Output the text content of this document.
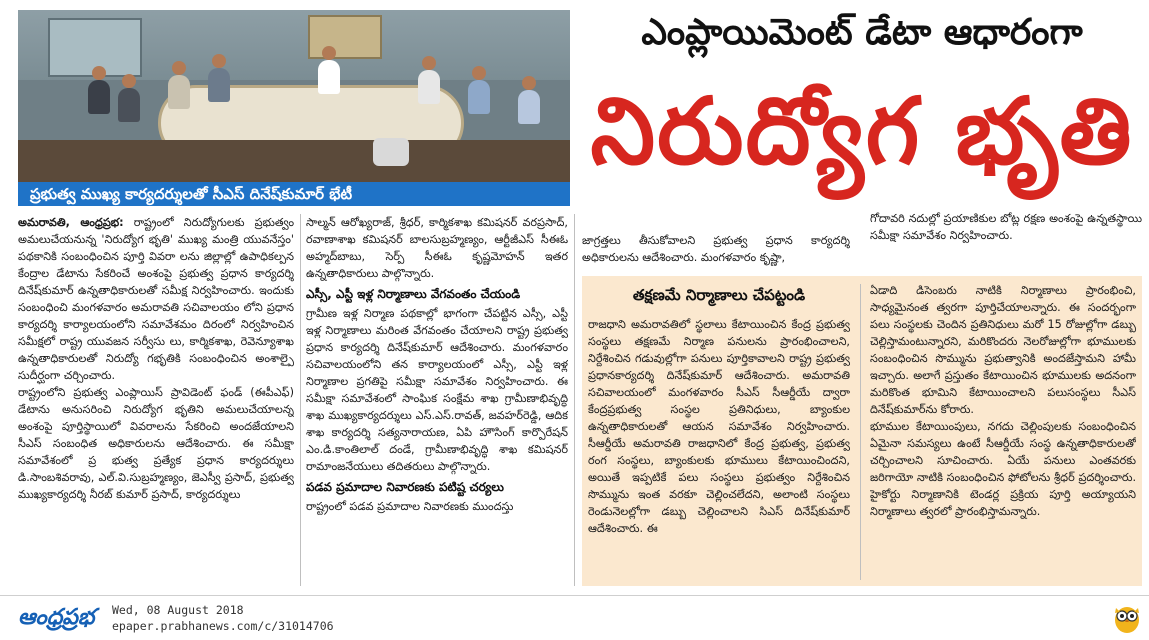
ప్రభుత్వ ముఖ్య కార్యదర్శులతో సీఎస్ దినేష్‌కుమార్ భేటీ
ఎంప్లాయిమెంట్ డేటా ఆధారంగా
నిరుద్యోగ భృతి

అమరావతి, ఆంధ్రప్రభ: రాష్ట్రంలో నిరుద్యోగులకు ప్రభుత్వం అమలుచేయనున్న 'నిరుద్యోగ భృతి' ముఖ్య మంత్రి యువనేస్తం' పథకానికి సంబంధించిన పూర్తి వివరా లను జిల్లాల్లో ఉపాధికల్పన కేంద్రాల డేటాను సేకరించే అంశంపై ప్రభుత్వ ప్రధాన కార్యదర్శి దినేష్‌కుమార్ ఉన్నతాధికారులతో సమీక్ష నిర్వహించారు. ఇందుకు సంబంధించి మంగళవారం అమరావతి సచివాలయం లోని ప్రధాన కార్యదర్శి కార్యాలయంలోని సమావేశమం దిరంలో నిర్వహించిన సమీక్షలో రాష్ట్ర యువజన సర్వీసు లు, కార్మికశాఖ, రెవెన్యూశాఖ ఉన్నతాధికారులతో నిరుద్యో గభృతికి సంబంధించిన అంశాల్పై సుదీర్ఘంగా చర్చించారు.

రాష్ట్రంలోని ప్రభుత్వ ఎంప్లాయిస్ ప్రావిడెంట్ ఫండ్ (ఈపీఎఫ్) డేటాను అనుసరించి నిరుద్యోగ భృతిని అమలుచేయాలన్న అంశంపై పూర్తిస్థాయిలో వివరాలను సేకరించి అందజేయాలని సీఎస్ సంబంధిత అధికారులను ఆదేశించారు. ఈ సమీక్షా సమావేశంలో ప్ర భుత్వ ప్రత్యేక ప్రధాన కార్యదర్శులు డి.సాంబశివరావు, ఎల్.వి.సుబ్రహ్మణ్యం, జెఎస్వీ ప్రసాద్, ప్రభుత్వ ముఖ్యకార్యదర్శి నీరబ్ కుమార్ ప్రసాద్, కార్యదర్శులు

సాల్మన్ ఆరోఖ్యరాజ్, శ్రీధర్, కార్మికశాఖ కమిషనర్ వరప్రసాద్, రవాణాశాఖ కమిషనర్ బాలసుబ్రహ్మణ్యం, ఆర్టీజీఎస్ సీఈఓ అహ్మద్‌బాబు, సెర్ప్ సీఈఓ కృష్ణమోహన్ ఇతర ఉన్నతాధికారులు పాల్గొన్నారు.

ఎస్సీ, ఎస్టీ ఇళ్ల నిర్మాణాలు వేగవంతం చేయండి

గ్రామీణ ఇళ్ల నిర్మాణ పథకాల్లో భాగంగా చేపట్టిన ఎస్సీ, ఎస్టీ ఇళ్ల నిర్మాణాలు మరింత వేగవంతం చేయాలని రాష్ట్ర ప్రభుత్వ ప్రధాన కార్యదర్శి దినేష్‌కుమార్ ఆదేశించారు. మంగళవారం సచివాలయంలోని తన కార్యాలయంలో ఎస్సీ, ఎస్టీ ఇళ్ల నిర్మాణాల ప్రగతిపై సమీక్షా సమావేశం నిర్వహించారు. ఈ సమీక్షా సమావేశంలో సాంఘిక సంక్షేమ శాఖ గ్రామీణాభివృద్ధి శాఖ ముఖ్యకార్యదర్శులు ఎస్.ఎస్.రావత్, జవహర్‌రెడ్డి, ఆదిక శాఖ కార్యదర్శి సత్యనారాయణ, ఏపి హౌసింగ్ కార్పొరేషన్ ఎం.డి.కాంతిలాల్ దండే, గ్రామీణాభివృద్ధి శాఖ కమిషనర్ రామాంజనేయులు తదితరులు పాల్గొన్నారు.

పడవ ప్రమాదాల నివారణకు పటిష్ట చర్యలు

రాష్ట్రంలో పడవ ప్రమాదాల నివారణకు ముందస్తు

జాగ్రత్తలు తీసుకోవాలని ప్రభుత్వ ప్రధాన కార్యదర్శి అధికారులను ఆదేశించారు. మంగళవారం కృష్ణా,

తక్షణమే నిర్మాణాలు చేపట్టండి

రాజధాని అమరావతిలో స్థలాలు కేటాయించిన కేంద్ర ప్రభుత్వ సంస్థలు తక్షణమే నిర్మాణ పనులను ప్రారంభించాలని, నిర్దేశించిన గడువుల్లోగా పనులు పూర్తికావాలని రాష్ట్ర ప్రభుత్వ ప్రధానకార్యదర్శి దినేష్‌కుమార్ ఆదేశించారు. అమరావతి సచివాలయంలో మంగళవారం సీఎస్ సీఆర్డీయే ద్వారా కేంద్రప్రభుత్వ సంస్థల ప్రతినిధులు, బ్యాంకుల ఉన్నతాధికారులతో ఆయన సమావేశం నిర్వహించారు. సీఆర్డీయే అమరావతి రాజధానిలో కేంద్ర ప్రభుత్వ, ప్రభుత్వ రంగ సంస్థలు, బ్యాంకులకు భూములు కేటాయించిందని, అయితే ఇప్పటికే పలు సంస్థలు ప్రభుత్వం నిర్దేశించిన సొమ్మును ఇంత వరకూ చెల్లించలేదని, అలాంటి సంస్థలు రెండునెలల్లోగా డబ్బు చెల్లించాలని సిఎస్ దినేష్‌కుమార్ ఆదేశించారు. ఈ

గోదావరి నదుల్లో ప్రయాణికుల బోట్ల రక్షణ అంశంపై ఉన్నతస్థాయి సమీక్షా సమావేశం నిర్వహించారు.

ఏడాది డిసెంబరు నాటికి నిర్మాణాలు ప్రారంభించి, సాధ్యమైనంత త్వరగా పూర్తిచేయాలన్నారు. ఈ సందర్భంగా పలు సంస్థలకు చెందిన ప్రతినిధులు మరో 15 రోజుల్లోగా డబ్బు చెల్లిస్తామంటున్నారని, మరికొందరు నెలరోజుల్లోగా భూములకు సంబంధించిన సొమ్మును ప్రభుత్వానికి అందజేస్తామని హామీ ఇచ్చారు. అలాగే ప్రస్తుతం కేటాయించిన భూములకు అదనంగా మరికొంత భూమిని కేటాయించాలని పలుసంస్థలు సీఎస్ దినేష్‌కుమార్‌ను కోరారు.

భూముల కేటాయింపులు, నగదు చెల్లింపులకు సంబంధించిన ఏమైనా సమస్యలు ఉంటే సీఆర్డీయే సంస్థ ఉన్నతాధికారులతో చర్చించాలని సూచించారు. ఏయే పనులు ఎంతవరకు జరిగాయో నాటికి సంబంధించిన ఫోటోలను శ్రీధర్ ప్రదర్శించారు. హైకోర్టు నిర్మాణానికి టెండర్ల ప్రక్రియ పూర్తి అయ్యాయని నిర్మాణాలు త్వరలో ప్రారంభిస్తామన్నారు.

ఆంధ్రప్రభ	Wed, 08 August 2018
epaper.prabhanews.com/c/31014706
